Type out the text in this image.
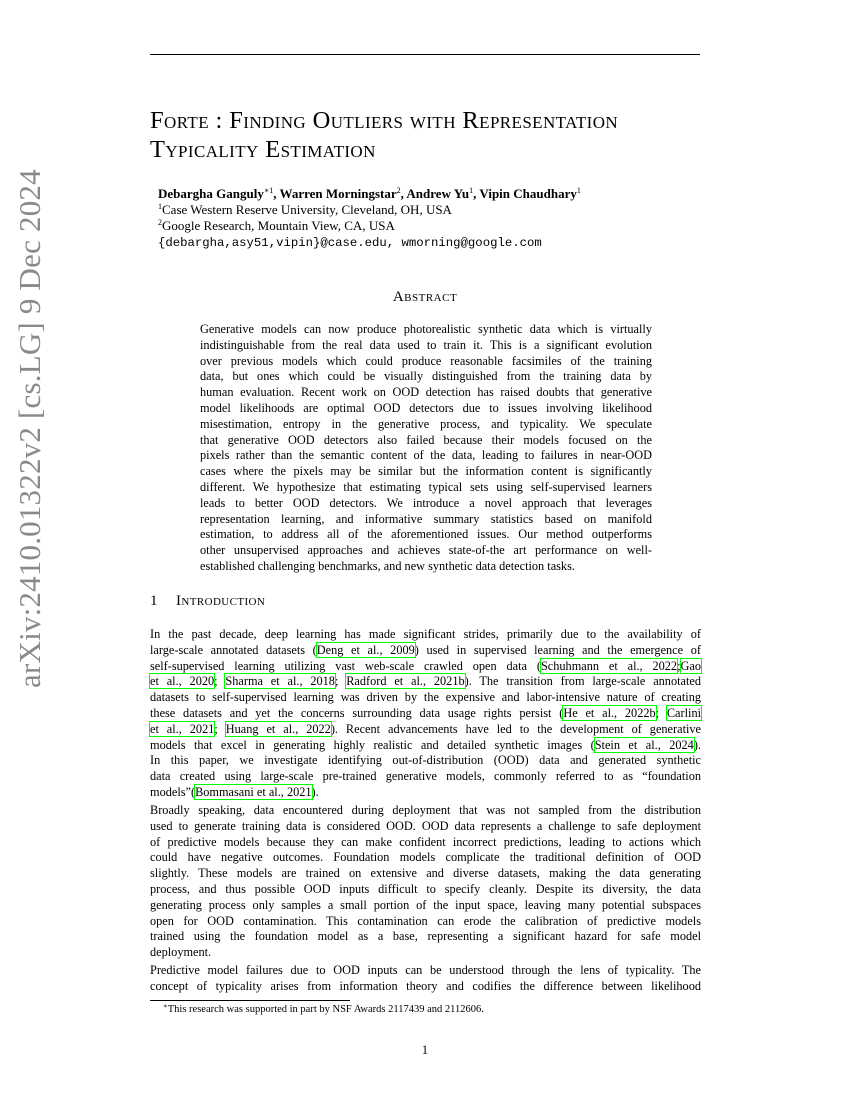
arXiv:2410.01322v2 [cs.LG] 9 Dec 2024
Forte : Finding Outliers with Representation
Typicality Estimation
Debargha Ganguly$^{∗1}$, Warren Morningstar$^2$, Andrew Yu$^1$, Vipin Chaudhary$^1$
$^1$Case Western Reserve University, Cleveland, OH, USA
$^2$Google Research, Mountain View, CA, USA
{debargha,asy51,vipin}@case.edu, wmorning@google.com
Abstract
Generative models can now produce photorealistic synthetic data which is virtually
indistinguishable from the real data used to train it. This is a significant evolution
over previous models which could produce reasonable facsimiles of the training
data, but ones which could be visually distinguished from the training data by
human evaluation. Recent work on OOD detection has raised doubts that generative
model likelihoods are optimal OOD detectors due to issues involving likelihood
misestimation, entropy in the generative process, and typicality. We speculate
that generative OOD detectors also failed because their models focused on the
pixels rather than the semantic content of the data, leading to failures in near-OOD
cases where the pixels may be similar but the information content is significantly
different. We hypothesize that estimating typical sets using self-supervised learners
leads to better OOD detectors. We introduce a novel approach that leverages
representation learning, and informative summary statistics based on manifold
estimation, to address all of the aforementioned issues. Our method outperforms
other unsupervised approaches and achieves state-of-the art performance on well-
established challenging benchmarks, and new synthetic data detection tasks.
1 Introduction
In the past decade, deep learning has made significant strides, primarily due to the availability of
large-scale annotated datasets (Deng et al., 2009) used in supervised learning and the emergence of
self-supervised learning utilizing vast web-scale crawled open data (Schuhmann et al., 2022;Gao
et al., 2020; Sharma et al., 2018; Radford et al., 2021b). The transition from large-scale annotated
datasets to self-supervised learning was driven by the expensive and labor-intensive nature of creating
these datasets and yet the concerns surrounding data usage rights persist (He et al., 2022b; Carlini
et al., 2021; Huang et al., 2022). Recent advancements have led to the development of generative
models that excel in generating highly realistic and detailed synthetic images (Stein et al., 2024).
In this paper, we investigate identifying out-of-distribution (OOD) data and generated synthetic
data created using large-scale pre-trained generative models, commonly referred to as “foundation
models”(Bommasani et al., 2021).
Broadly speaking, data encountered during deployment that was not sampled from the distribution
used to generate training data is considered OOD. OOD data represents a challenge to safe deployment
of predictive models because they can make confident incorrect predictions, leading to actions which
could have negative outcomes. Foundation models complicate the traditional definition of OOD
slightly. These models are trained on extensive and diverse datasets, making the data generating
process, and thus possible OOD inputs difficult to specify cleanly. Despite its diversity, the data
generating process only samples a small portion of the input space, leaving many potential subspaces
open for OOD contamination. This contamination can erode the calibration of predictive models
trained using the foundation model as a base, representing a significant hazard for safe model
deployment.
Predictive model failures due to OOD inputs can be understood through the lens of typicality. The
concept of typicality arises from information theory and codifies the difference between likelihood
∗This research was supported in part by NSF Awards 2117439 and 2112606.
1
